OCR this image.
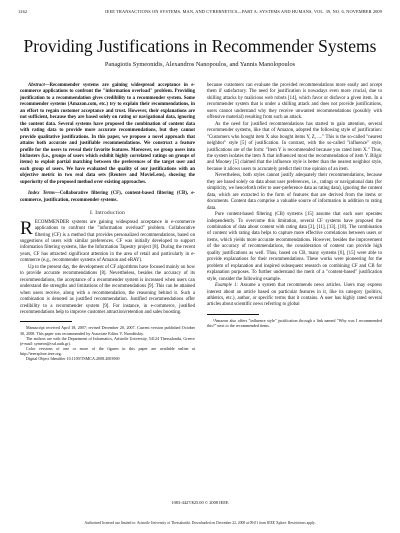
1262	IEEE TRANSACTIONS ON SYSTEMS, MAN, AND CYBERNETICS—PART A: SYSTEMS AND HUMANS, VOL. 39, NO. 6, NOVEMBER 2009
Providing Justifications in Recommender Systems
Panagiotis Symeonidis, Alexandros Nanopoulos, and Yannis Manolopoulos

Abstract—Recommender systems are gaining widespread acceptance in e-commerce applications to confront the "information overload" problem. Providing justification to a recommendation gives credibility to a recommender system. Some recommender systems (Amazon.com, etc.) try to explain their recommendations, in an effort to regain customer acceptance and trust. However, their explanations are not sufficient, because they are based solely on rating or navigational data, ignoring the content data. Several systems have proposed the combination of content data with rating data to provide more accurate recommendations, but they cannot provide qualitative justifications. In this paper, we propose a novel approach that attains both accurate and justifiable recommendations. We construct a feature profile for the users to reveal their favorite features. Moreover, we group users into biclusters (i.e., groups of users which exhibit highly correlated ratings on groups of items) to exploit partial matching between the preferences of the target user and each group of users. We have evaluated the quality of our justifications with an objective metric in two real data sets (Reuters and MovieLens), showing the superiority of the proposed method over existing approaches.

Index Terms—Collaborative filtering (CF), content-based filtering (CB), e-commerce, justification, recommender systems.

I. Introduction

RECOMMENDER systems are gaining widespread acceptance in e-commerce applications to confront the "information overload" problem. Collaborative filtering (CF) is a method that provides personalized recommendations, based on suggestions of users with similar preferences. CF was initially developed to support information filtering systems, like the Information Tapestry project [8]. During the recent years, CF has attracted significant attention in the area of retail and particularly in e-commerce (e.g., recommender systems of Amazon and eBAY).

Up to the present day, the development of CF algorithms have focused mainly on how to provide accurate recommendations [8]. Nevertheless, besides the accuracy of its recommendations, the acceptance of a recommender system is increased when users can understand the strengths and limitations of the recommendations [9]. This can be attained when users receive, along with a recommendation, the reasoning behind it. Such a combination is denoted as justified recommendation. Justified recommendations offer credibility to a recommender system [9]. For instance, in e-commerce, justified recommendations help to improve customer attraction/retention and sales boosting.

Manuscript received April 18, 2007; revised December 20, 2007. Current version published October 30, 2008. This paper was recommended by Associate Editor V. Naroditskiy.

The authors are with the Department of Informatics, Aristotle University, 54124 Thessaloniki, Greece (e-mail: symeon@csd.auth.gr).

Color versions of one or more of the figures in this paper are available online at http://ieeexplore.ieee.org.

Digital Object Identifier 10.1109/TSMCA.2008.2003969

because customers can evaluate the provided recommendations more easily and accept them if satisfactory. The need for justification is nowadays even more crucial, due to shilling attacks by malicious web robots [14], which favor or disfavor a given item. In a recommender system that is under a shilling attack and does not provide justifications, users cannot understand why they receive unwanted recommendations (possibly with offensive material) resulting from such an attack.

As the need for justified recommendations has started to gain attention, several recommender systems, like that of Amazon, adopted the following style of justification: "Customers who bought item X also bought items Y, Z, ...." This is the so-called "nearest neighbor" style [5] of justification. In contrast, with the so-called "influence" style, justifications are of the form: "Item Y is recommended because you rated item X." Thus, the system isolates the item X that influenced most the recommendation of item Y. Bilgic and Mooney [5] claimed that the influence style is better than the nearest neighbor style, because it allows users to accurately predict their true opinion of an item.

Nevertheless, both styles cannot justify adequately their recommendations, because they are based solely on data about user preferences, i.e., ratings or navigational data (for simplicity, we henceforth refer to user-preference data as rating data), ignoring the content data, which are extracted in the form of features that are derived from the items or documents. Content data comprise a valuable source of information in addition to rating data.

Pure content-based filtering (CB) systems [15] assume that each user operates independently. To overcome this limitation, several CF systems have proposed the combination of data about content with rating data [3], [11], [13], [18]. The combination of content with rating data helps to capture more effective correlations between users or items, which yields more accurate recommendations. However, besides the improvement of the accuracy of recommendations, the consideration of content can provide high quality justifications as well. Thus, based on CB, many systems [6], [15] were able to provide explanations for their recommendations. These works were pioneering for the problem of explanation and inspired subsequent research on combining CF and CB for explanation purposes. To further understand the merit of a "content-based" justification style, consider the following example.

Example 1: Assume a system that recommends news articles. Users may express interest about an article based on particular features in it, like its category (politics, athletics, etc.), author, or specific terms that it contains. A user has highly rated several articles about scientific news referring to global

¹Amazon also offers "influence style" justification through a link named "Why was I recommended this?" next to the recommended items.

1083-4427/$25.00 © 2008 IEEE
Authorized licensed use limited to: Aristotle University of Thessaloniki. Downloaded on December 22, 2008 at 09:01 from IEEE Xplore. Restrictions apply.
